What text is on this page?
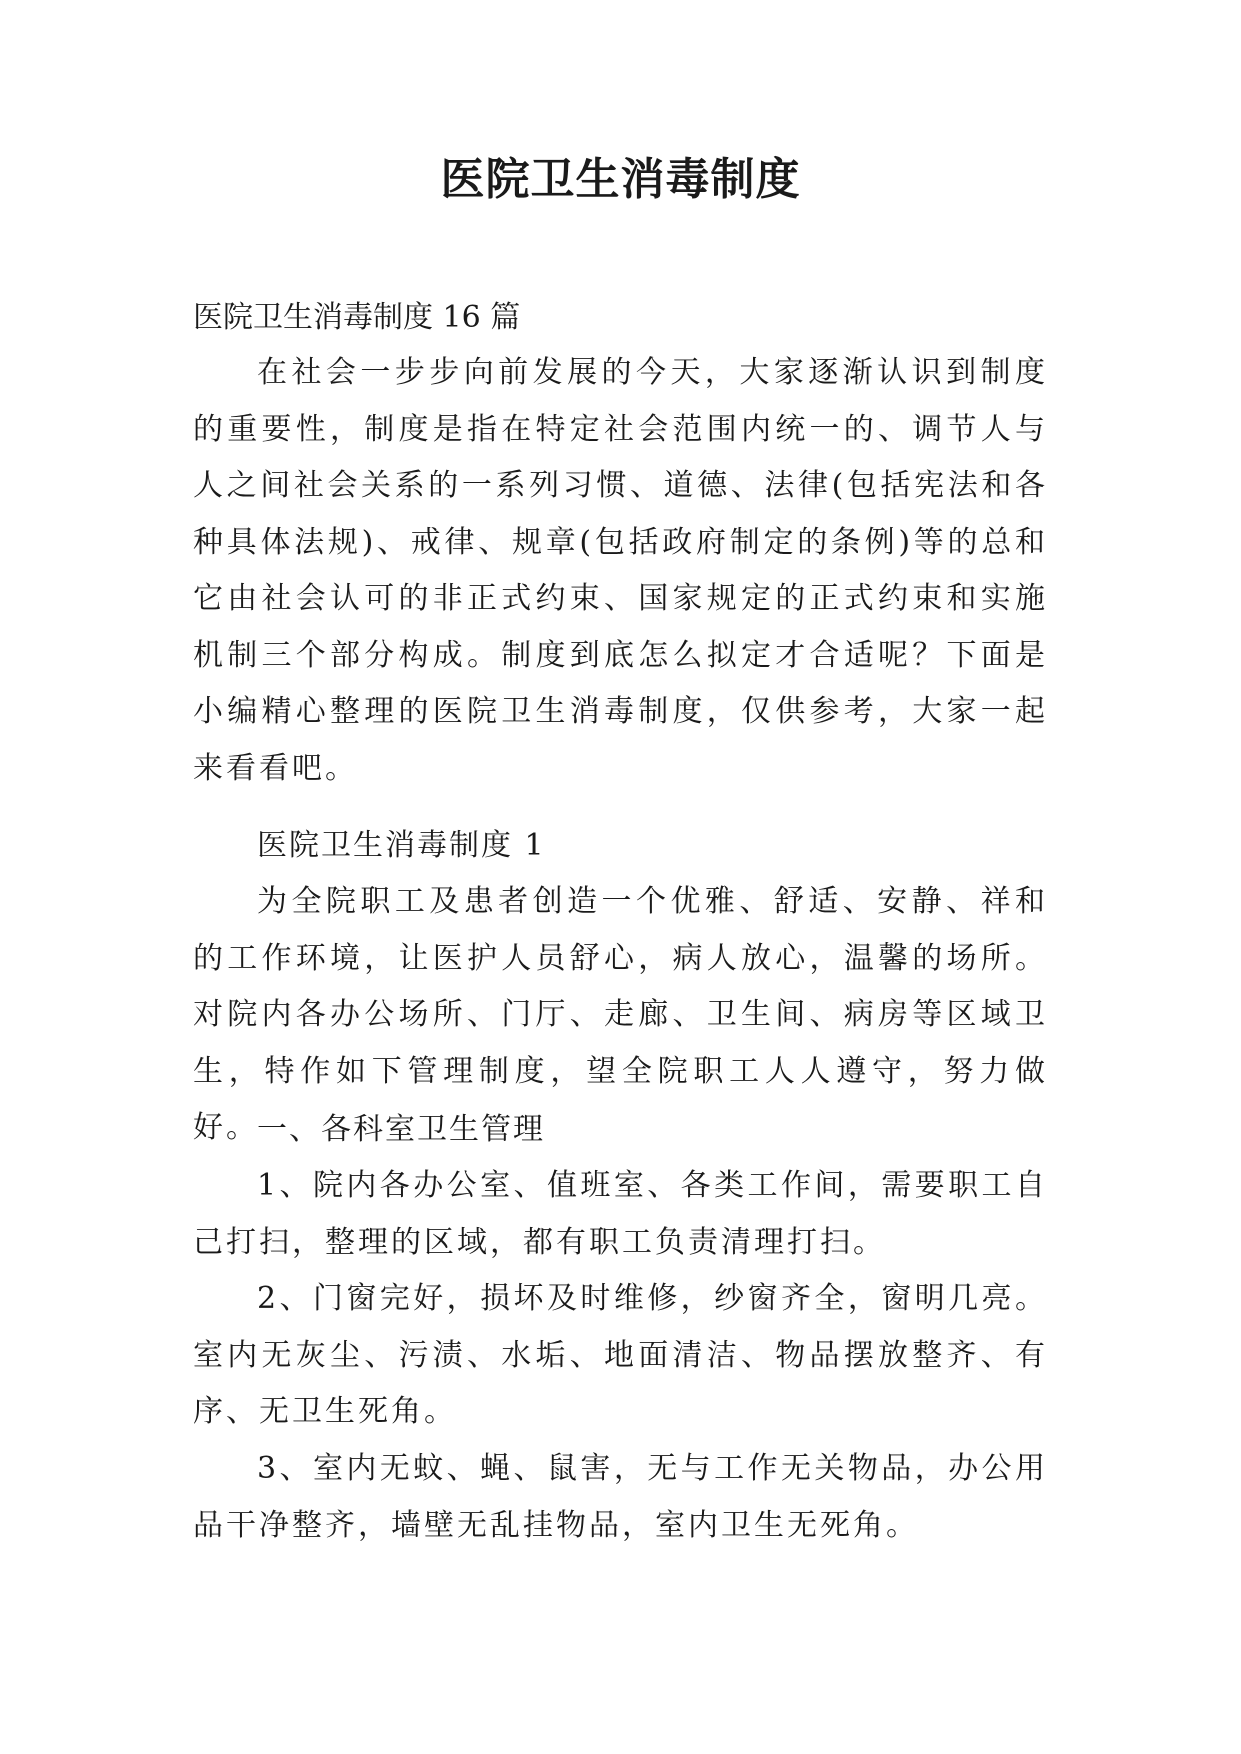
医院卫生消毒制度

医院卫生消毒制度 16 篇

在社会一步步向前发展的今天，大家逐渐认识到制度的重要性，制度是指在特定社会范围内统一的、调节人与人之间社会关系的一系列习惯、道德、法律(包括宪法和各种具体法规)、戒律、规章(包括政府制定的条例)等的总和它由社会认可的非正式约束、国家规定的正式约束和实施机制三个部分构成。制度到底怎么拟定才合适呢？下面是小编精心整理的医院卫生消毒制度，仅供参考，大家一起来看看吧。

医院卫生消毒制度 1

为全院职工及患者创造一个优雅、舒适、安静、祥和的工作环境，让医护人员舒心，病人放心，温馨的场所。对院内各办公场所、门厅、走廊、卫生间、病房等区域卫生，特作如下管理制度，望全院职工人人遵守，努力做好。

一、各科室卫生管理

1、院内各办公室、值班室、各类工作间，需要职工自己打扫，整理的区域，都有职工负责清理打扫。

2、门窗完好，损坏及时维修，纱窗齐全，窗明几亮。室内无灰尘、污渍、水垢、地面清洁、物品摆放整齐、有序、无卫生死角。

3、室内无蚊、蝇、鼠害，无与工作无关物品，办公用品干净整齐，墙壁无乱挂物品，室内卫生无死角。
